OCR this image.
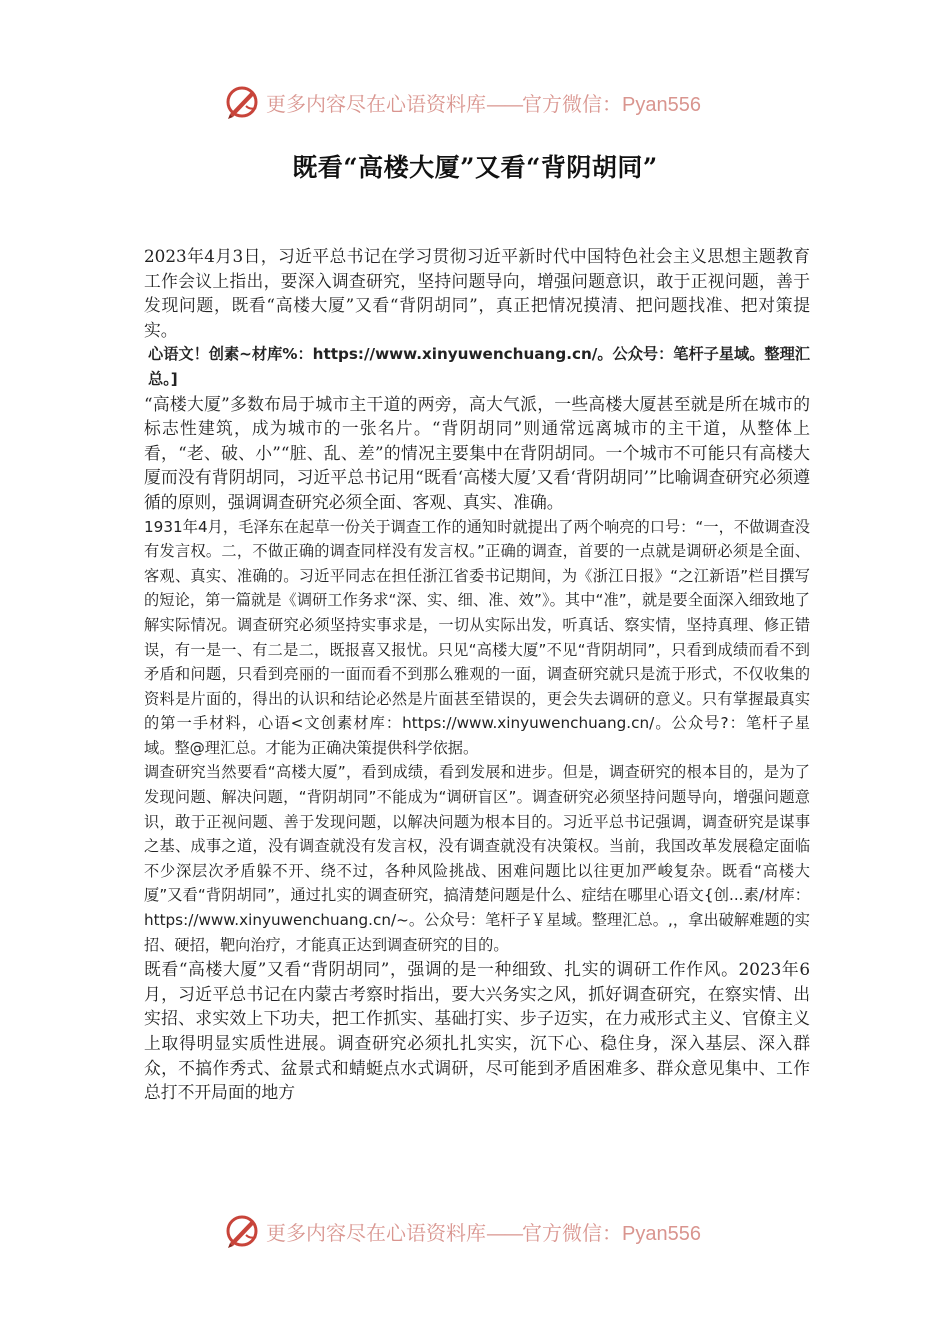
更多内容尽在心语资料库——官方微信：Pyan556
既看“高楼大厦”又看“背阴胡同”

2023年4月3日，习近平总书记在学习贯彻习近平新时代中国特色社会主义思想主题教育工作会议上指出，要深入调查研究，坚持问题导向，增强问题意识，敢于正视问题，善于发现问题，既看“高楼大厦”又看“背阴胡同”，真正把情况摸清、把问题找准、把对策提实。

心语文！创素~材库%：https://www.xinyuwenchuang.cn/。公众号：笔杆子星域。整理汇总。]

“高楼大厦”多数布局于城市主干道的两旁，高大气派，一些高楼大厦甚至就是所在城市的标志性建筑，成为城市的一张名片。“背阴胡同”则通常远离城市的主干道，从整体上看，“老、破、小”“脏、乱、差”的情况主要集中在背阴胡同。一个城市不可能只有高楼大厦而没有背阴胡同，习近平总书记用“既看‘高楼大厦’又看‘背阴胡同’”比喻调查研究必须遵循的原则，强调调查研究必须全面、客观、真实、准确。

1931年4月，毛泽东在起草一份关于调查工作的通知时就提出了两个响亮的口号：“一，不做调查没有发言权。二，不做正确的调查同样没有发言权。”正确的调查，首要的一点就是调研必须是全面、客观、真实、准确的。习近平同志在担任浙江省委书记期间，为《浙江日报》“之江新语”栏目撰写的短论，第一篇就是《调研工作务求“深、实、细、准、效”》。其中“准”，就是要全面深入细致地了解实际情况。调查研究必须坚持实事求是，一切从实际出发，听真话、察实情，坚持真理、修正错误，有一是一、有二是二，既报喜又报忧。只见“高楼大厦”不见“背阴胡同”，只看到成绩而看不到矛盾和问题，只看到亮丽的一面而看不到那么雅观的一面，调查研究就只是流于形式，不仅收集的资料是片面的，得出的认识和结论必然是片面甚至错误的，更会失去调研的意义。只有掌握最真实的第一手材料，心语<文创素材库：https://www.xinyuwenchuang.cn/。公众号?：笔杆子星域。整@理汇总。才能为正确决策提供科学依据。

调查研究当然要看“高楼大厦”，看到成绩，看到发展和进步。但是，调查研究的根本目的，是为了发现问题、解决问题，“背阴胡同”不能成为“调研盲区”。调查研究必须坚持问题导向，增强问题意识，敢于正视问题、善于发现问题，以解决问题为根本目的。习近平总书记强调，调查研究是谋事之基、成事之道，没有调查就没有发言权，没有调查就没有决策权。当前，我国改革发展稳定面临不少深层次矛盾躲不开、绕不过，各种风险挑战、困难问题比以往更加严峻复杂。既看“高楼大厦”又看“背阴胡同”，通过扎实的调查研究，搞清楚问题是什么、症结在哪里心语文{创...素/材库：https://www.xinyuwenchuang.cn/~。公众号：笔杆子￥星域。整理汇总。,，拿出破解难题的实招、硬招，靶向治疗，才能真正达到调查研究的目的。

既看“高楼大厦”又看“背阴胡同”，强调的是一种细致、扎实的调研工作作风。2023年6月，习近平总书记在内蒙古考察时指出，要大兴务实之风，抓好调查研究，在察实情、出实招、求实效上下功夫，把工作抓实、基础打实、步子迈实，在力戒形式主义、官僚主义上取得明显实质性进展。调查研究必须扎扎实实，沉下心、稳住身，深入基层、深入群众，不搞作秀式、盆景式和蜻蜓点水式调研，尽可能到矛盾困难多、群众意见集中、工作总打不开局面的地方

更多内容尽在心语资料库——官方微信：Pyan556
